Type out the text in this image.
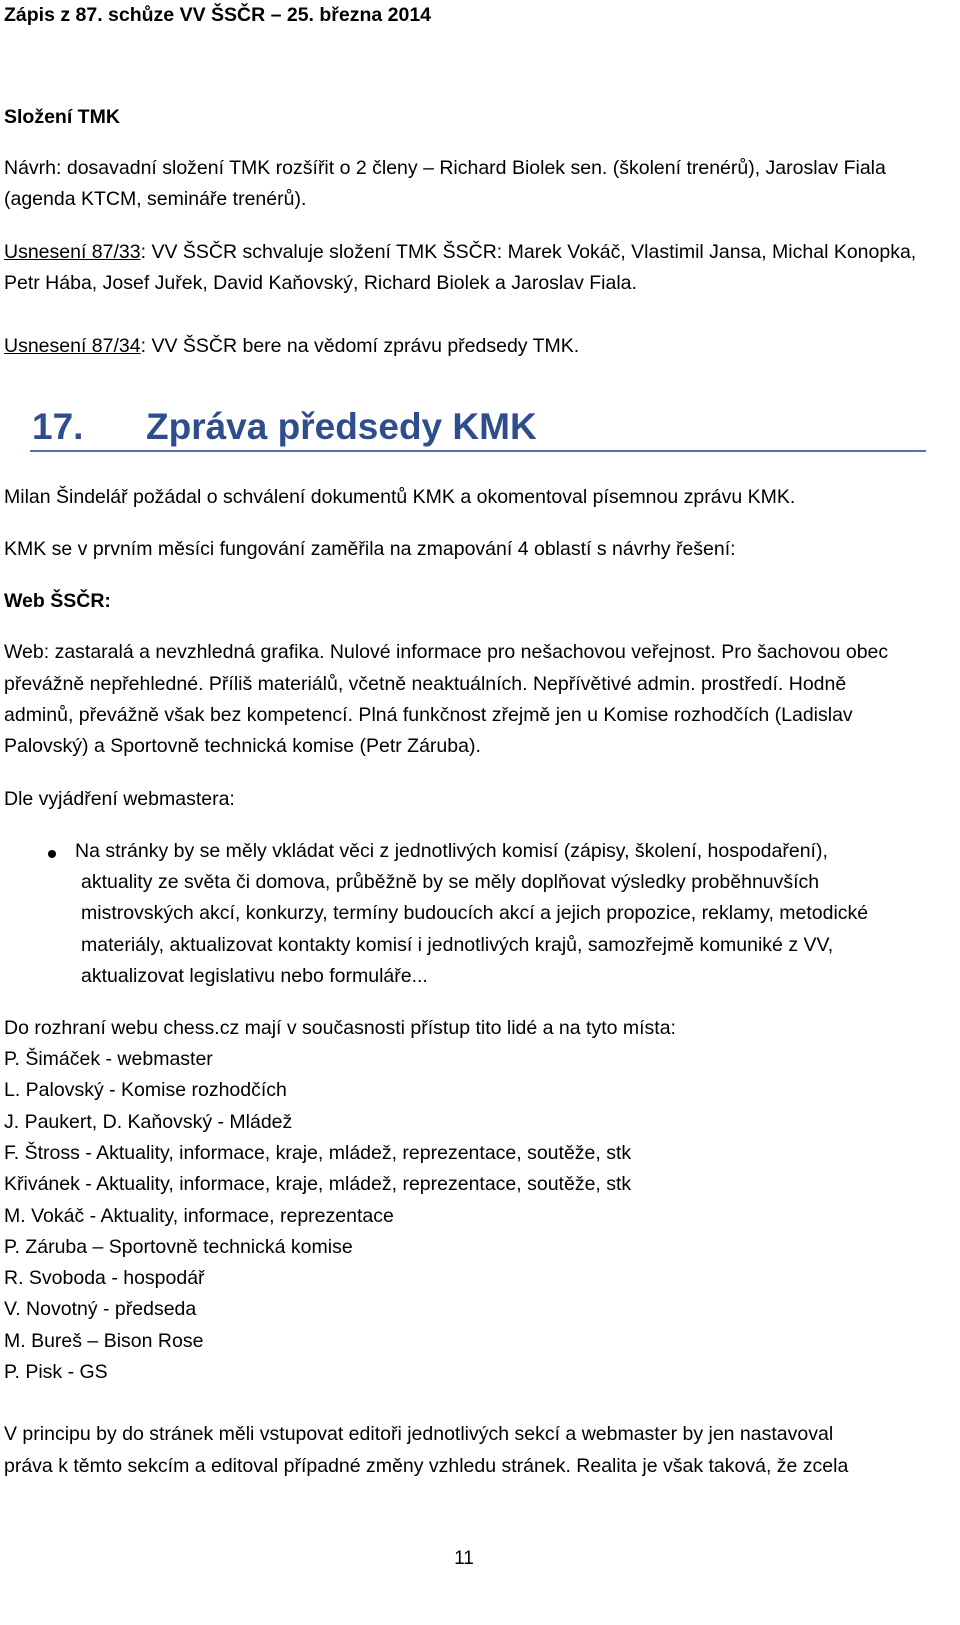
Zápis z 87. schůze VV ŠSČR – 25. března 2014
Složení TMK
Návrh: dosavadní složení TMK rozšířit o 2 členy – Richard Biolek sen. (školení trenérů), Jaroslav Fiala
(agenda KTCM, semináře trenérů).
Usnesení 87/33: VV ŠSČR schvaluje složení TMK ŠSČR: Marek Vokáč, Vlastimil Jansa, Michal Konopka,
Petr Hába, Josef Juřek, David Kaňovský, Richard Biolek a Jaroslav Fiala.
Usnesení 87/34: VV ŠSČR bere na vědomí zprávu předsedy TMK.
17. Zpráva předsedy KMK
Milan Šindelář požádal o schválení dokumentů KMK a okomentoval písemnou zprávu KMK.
KMK se v prvním měsíci fungování zaměřila na zmapování 4 oblastí s návrhy řešení:
Web ŠSČR:
Web: zastaralá a nevzhledná grafika. Nulové informace pro nešachovou veřejnost. Pro šachovou obec
převážně nepřehledné. Příliš materiálů, včetně neaktuálních. Nepřívětivé admin. prostředí. Hodně
adminů, převážně však bez kompetencí. Plná funkčnost zřejmě jen u Komise rozhodčích (Ladislav
Palovský) a Sportovně technická komise (Petr Záruba).
Dle vyjádření webmastera:
Na stránky by se měly vkládat věci z jednotlivých komisí (zápisy, školení, hospodaření),
aktuality ze světa či domova, průběžně by se měly doplňovat výsledky proběhnuvších
mistrovských akcí, konkurzy, termíny budoucích akcí a jejich propozice, reklamy, metodické
materiály, aktualizovat kontakty komisí i jednotlivých krajů, samozřejmě komuniké z VV,
aktualizovat legislativu nebo formuláře...
Do rozhraní webu chess.cz mají v současnosti přístup tito lidé a na tyto místa:
P. Šimáček - webmaster
L. Palovský - Komise rozhodčích
J. Paukert, D. Kaňovský - Mládež
F. Štross - Aktuality, informace, kraje, mládež, reprezentace, soutěže, stk
Křivánek - Aktuality, informace, kraje, mládež, reprezentace, soutěže, stk
M. Vokáč - Aktuality, informace, reprezentace
P. Záruba – Sportovně technická komise
R. Svoboda - hospodář
V. Novotný - předseda
M. Bureš – Bison Rose
P. Pisk - GS
V principu by do stránek měli vstupovat editoři jednotlivých sekcí a webmaster by jen nastavoval
práva k těmto sekcím a editoval případné změny vzhledu stránek. Realita je však taková, že zcela
11
